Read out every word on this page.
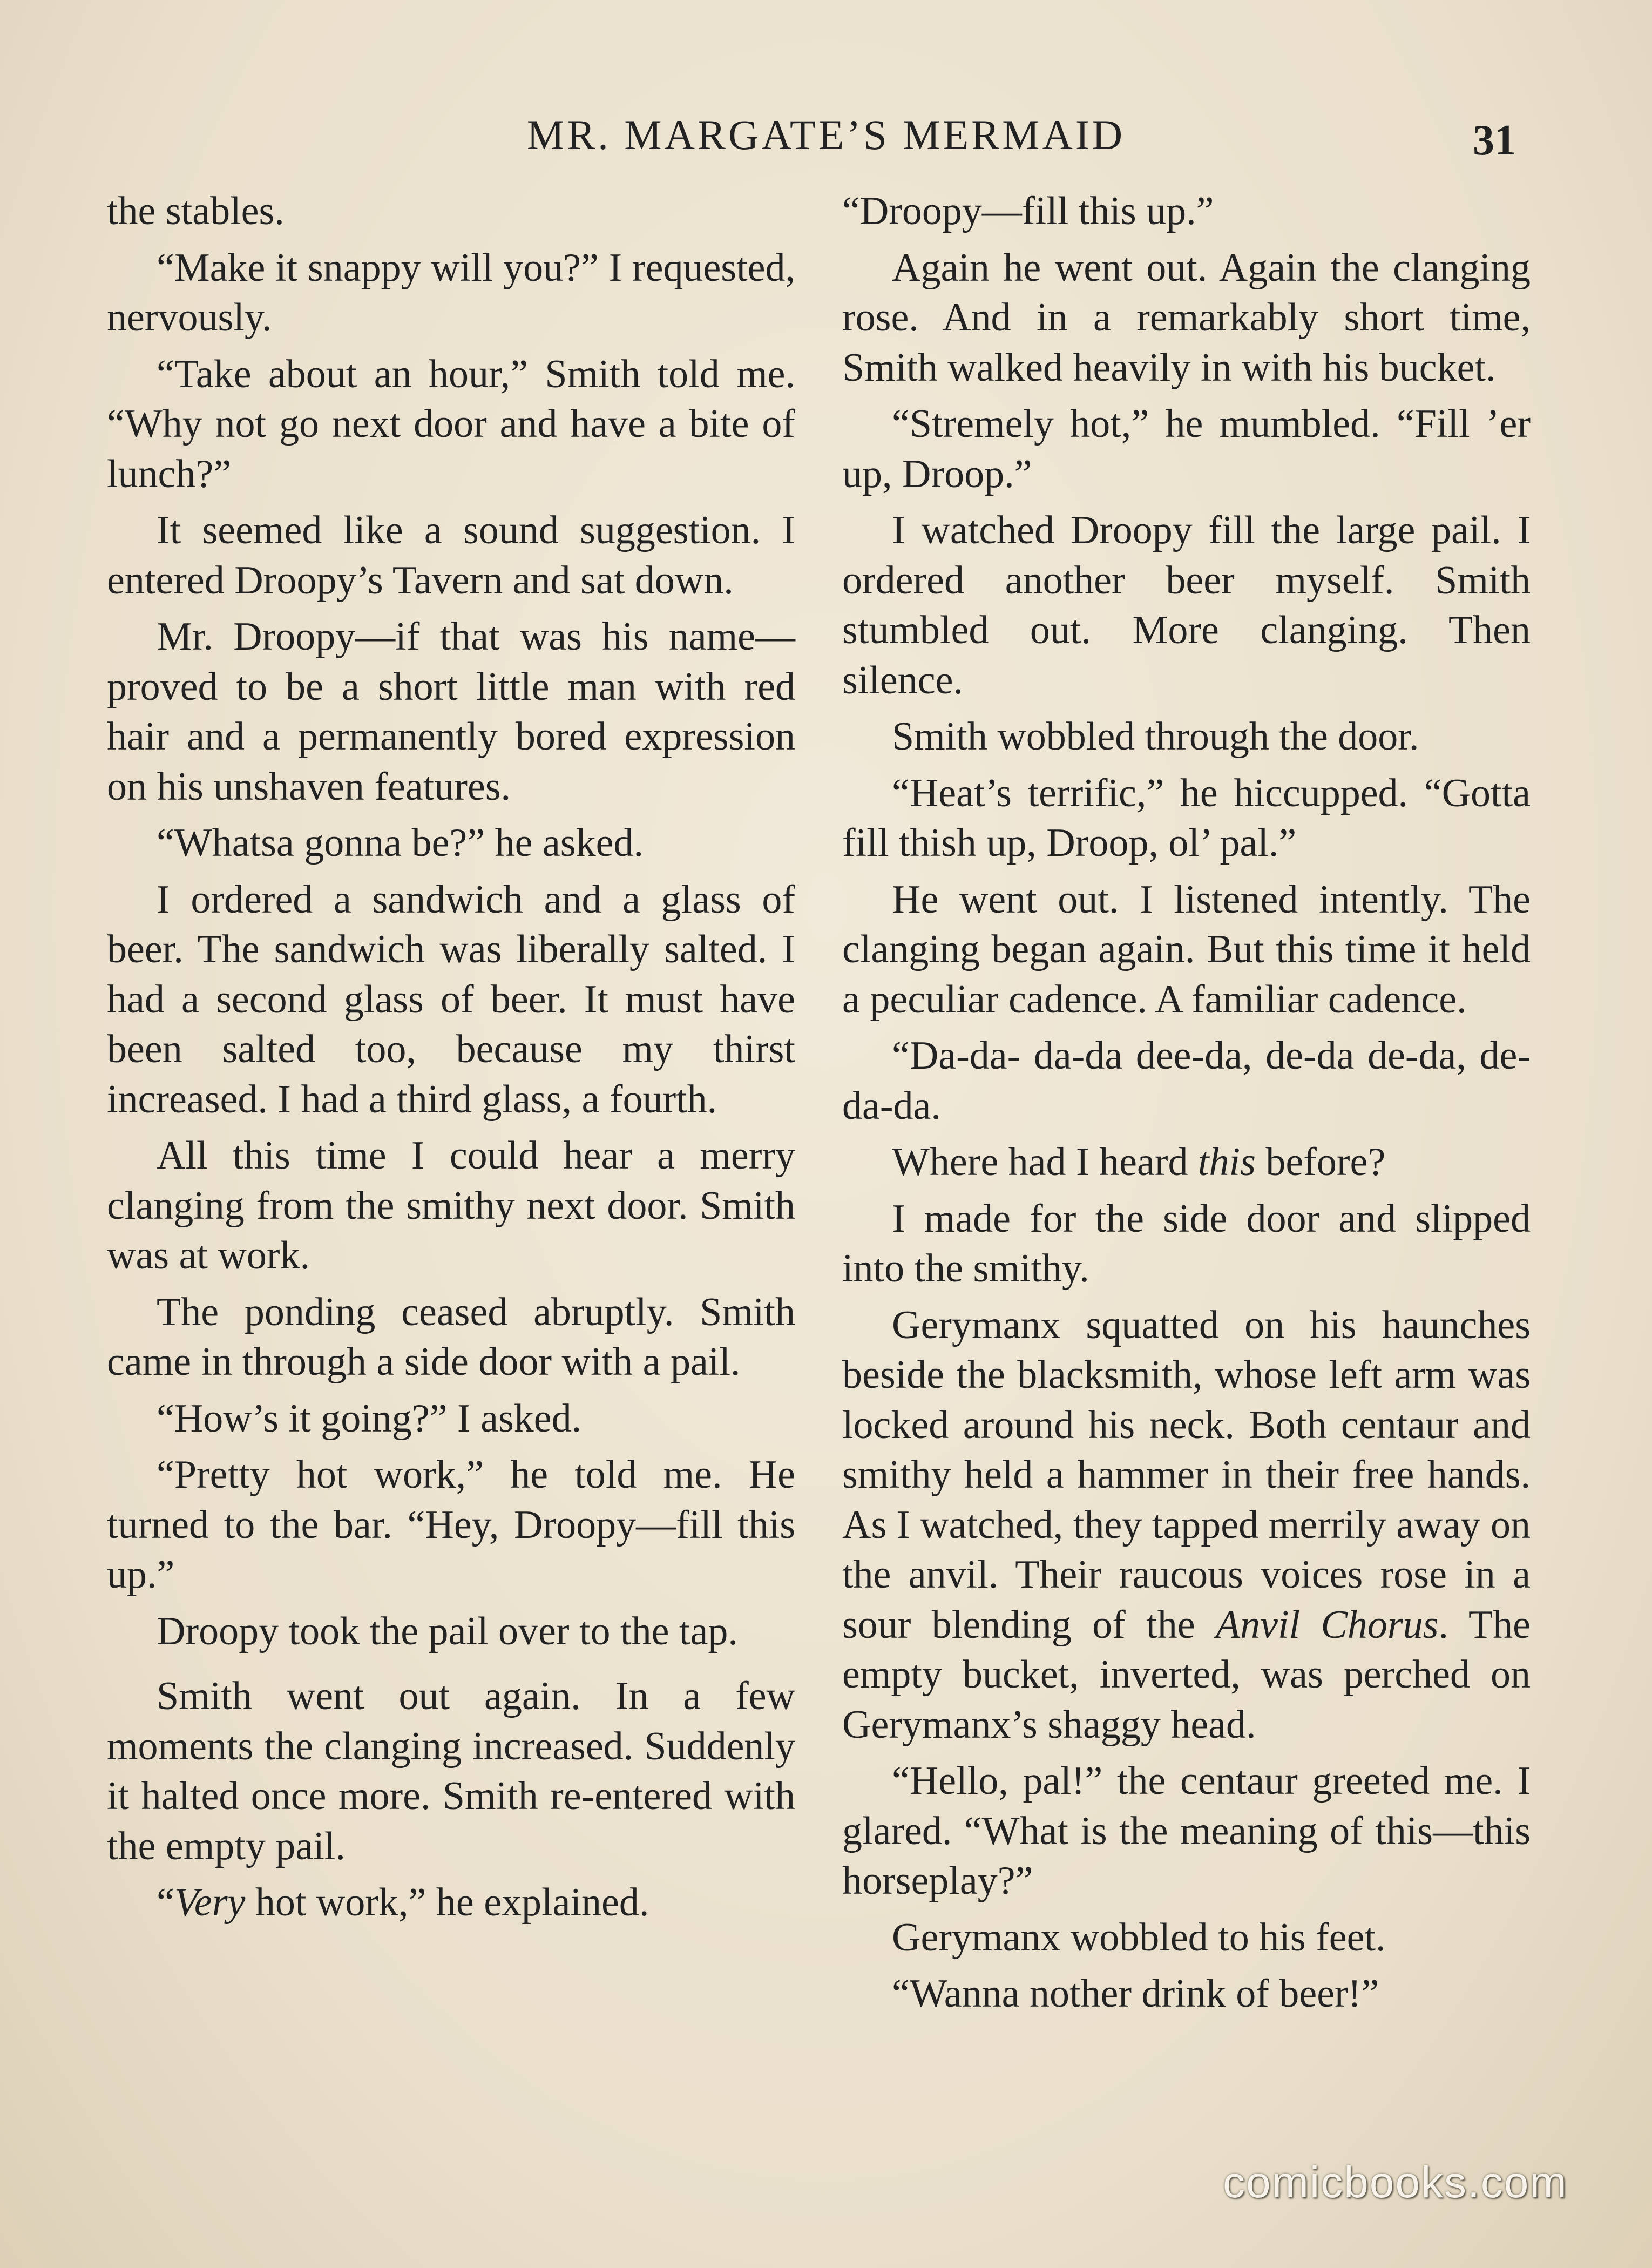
MR. MARGATE’S MERMAID	31

the stables.

“Make it snappy will you?” I requested, nervously.

“Take about an hour,” Smith told me. “Why not go next door and have a bite of lunch?”

It seemed like a sound suggestion. I entered Droopy’s Tavern and sat down.

Mr. Droopy—if that was his name— proved to be a short little man with red hair and a permanently bored expression on his unshaven features.

“Whatsa gonna be?” he asked.

I ordered a sandwich and a glass of beer. The sandwich was liberally salted. I had a second glass of beer. It must have been salted too, because my thirst increased. I had a third glass, a fourth.

All this time I could hear a merry clanging from the smithy next door. Smith was at work.

The ponding ceased abruptly. Smith came in through a side door with a pail.

“How’s it going?” I asked.

“Pretty hot work,” he told me. He turned to the bar. “Hey, Droopy—fill this up.”

Droopy took the pail over to the tap.

Smith went out again. In a few moments the clanging increased. Suddenly it halted once more. Smith re-entered with the empty pail.

“Very hot work,” he explained.

“Droopy—fill this up.”

Again he went out. Again the clanging rose. And in a remarkably short time, Smith walked heavily in with his bucket.

“Stremely hot,” he mumbled. “Fill ’er up, Droop.”

I watched Droopy fill the large pail. I ordered another beer myself. Smith stumbled out. More clanging. Then silence.

Smith wobbled through the door.

“Heat’s terrific,” he hiccupped. “Gotta fill thish up, Droop, ol’ pal.”

He went out. I listened intently. The clanging began again. But this time it held a peculiar cadence. A familiar cadence.

“Da-da- da-da dee-da, de-da de-da, de-da-da.

Where had I heard this before?

I made for the side door and slipped into the smithy.

Gerymanx squatted on his haunches beside the blacksmith, whose left arm was locked around his neck. Both centaur and smithy held a hammer in their free hands. As I watched, they tapped merrily away on the anvil. Their raucous voices rose in a sour blending of the Anvil Chorus. The empty bucket, inverted, was perched on Gerymanx’s shaggy head.

“Hello, pal!” the centaur greeted me. I glared. “What is the meaning of this—this horseplay?”

Gerymanx wobbled to his feet.

“Wanna nother drink of beer!”

comicbooks.com
